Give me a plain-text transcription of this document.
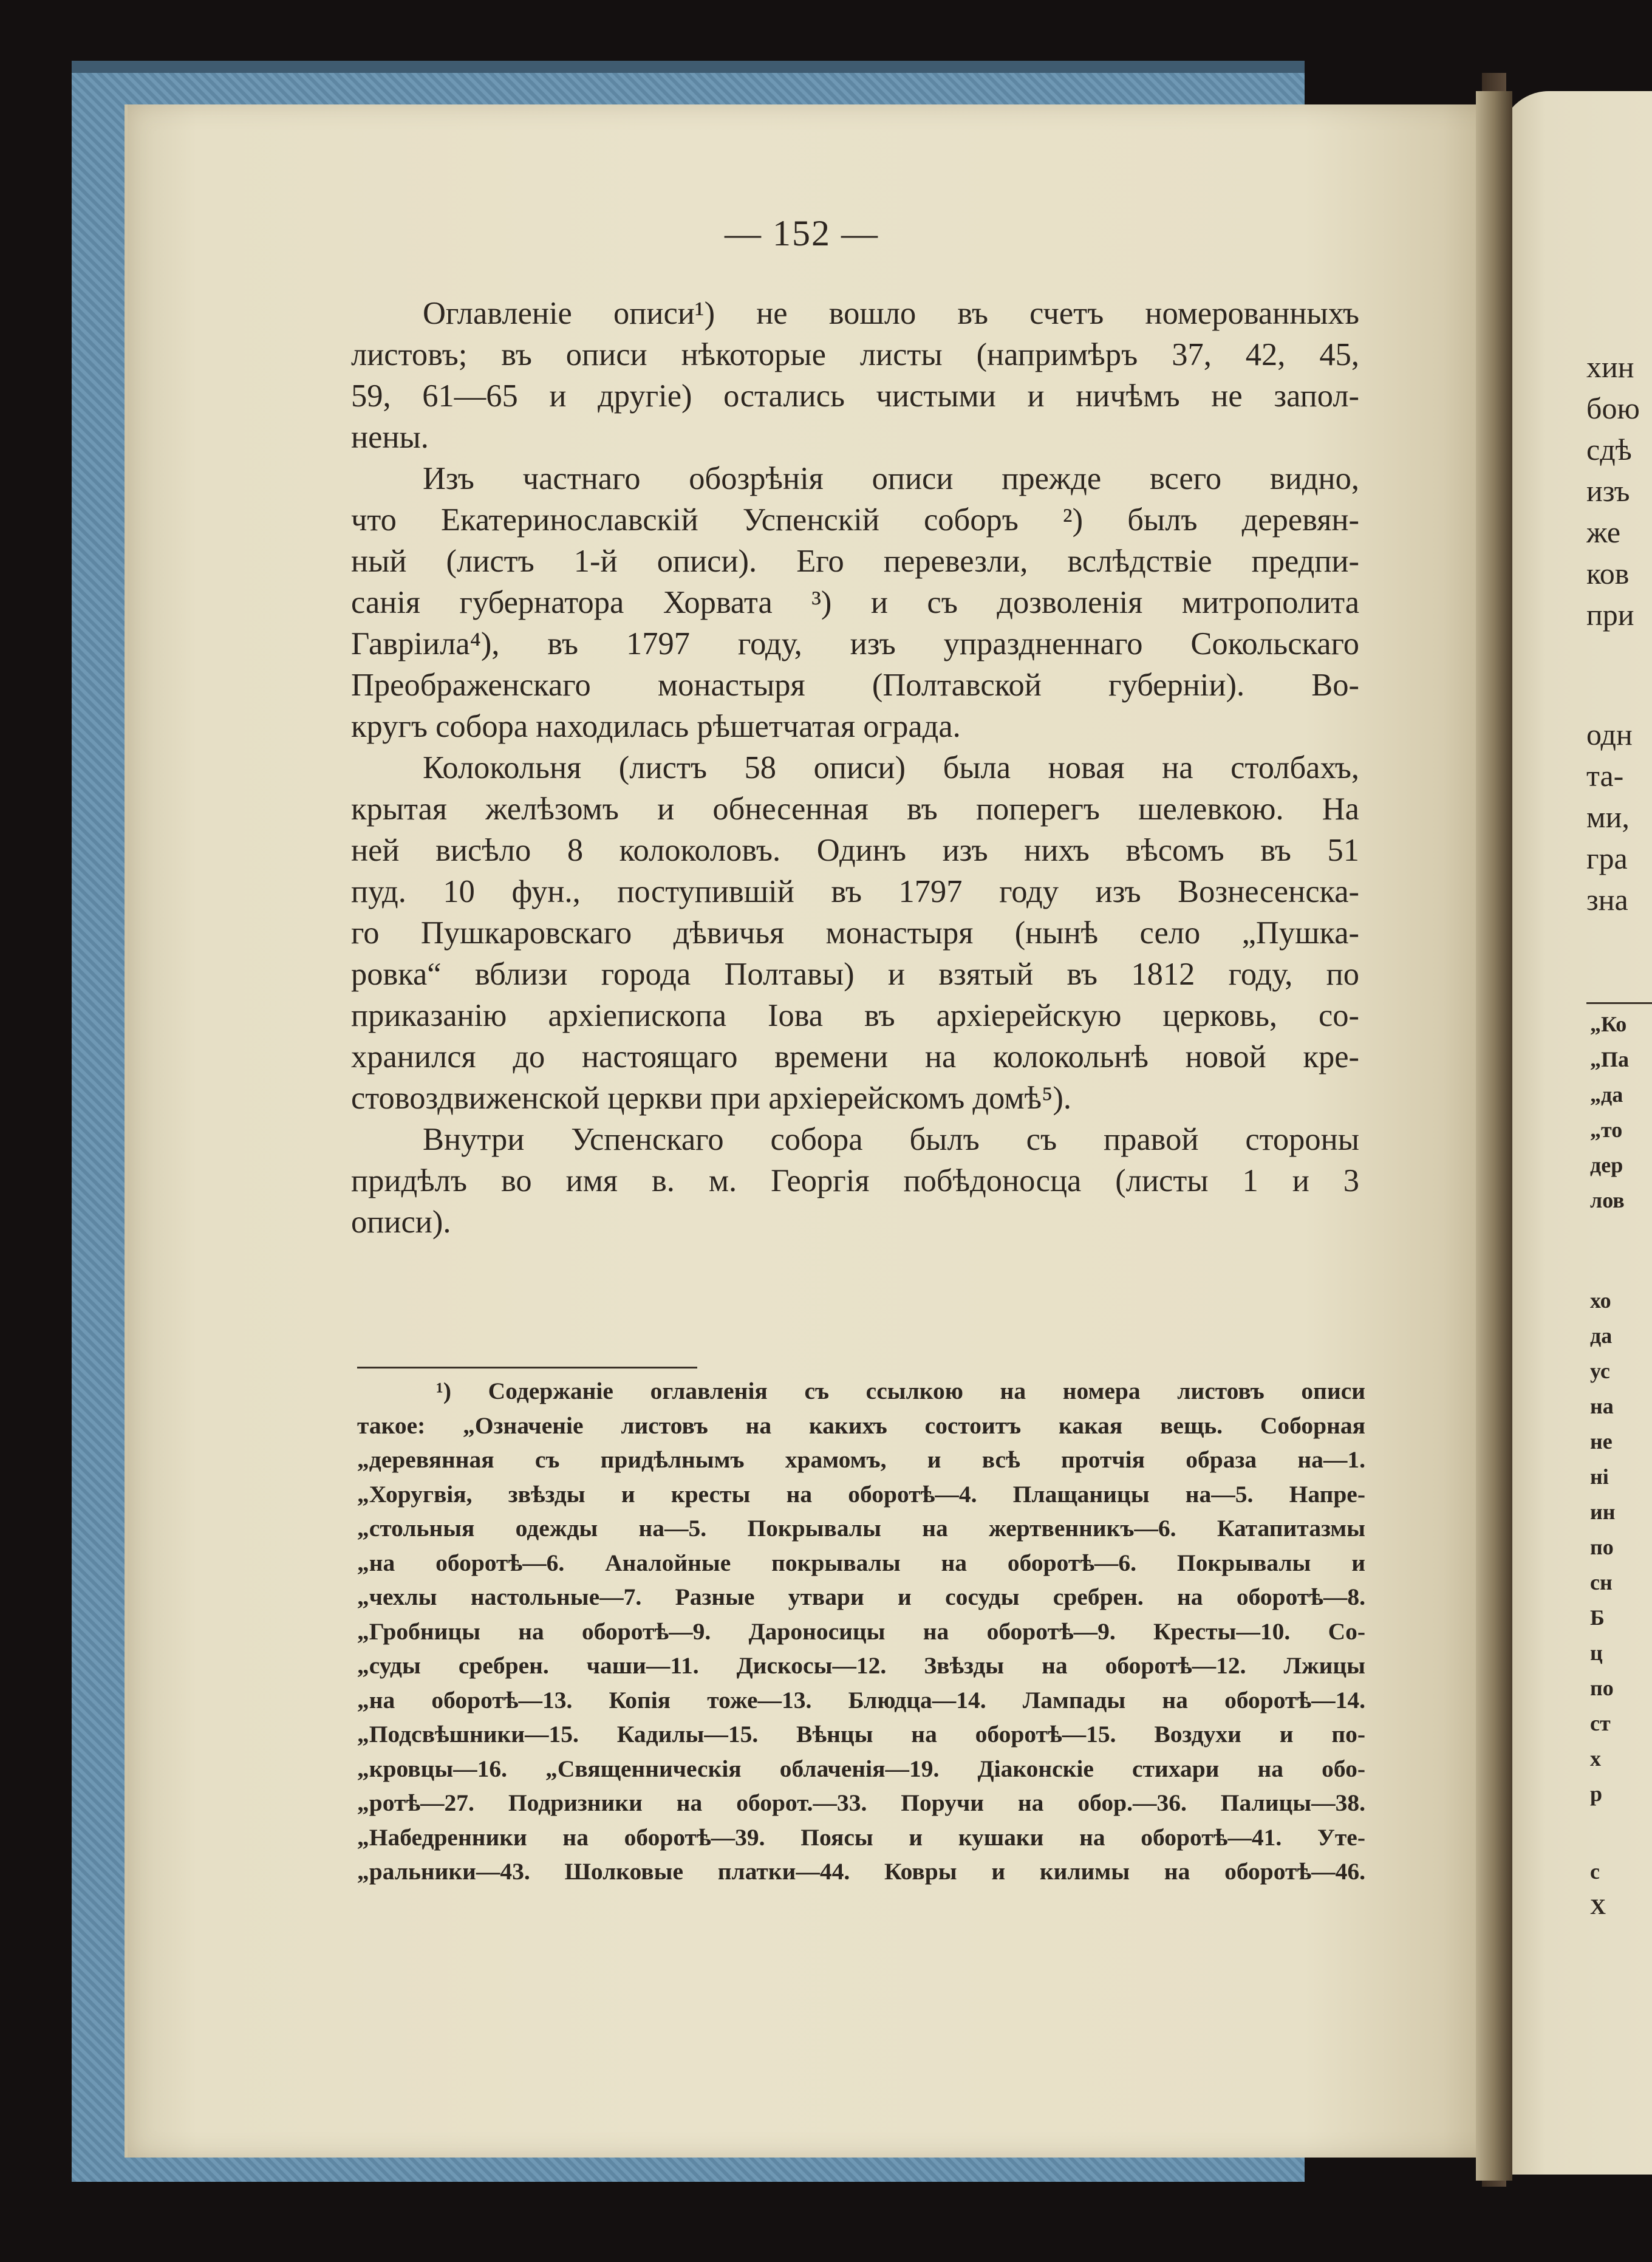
— 152 —
Оглавленіе описи¹) не вошло въ счетъ номерованныхъ
листовъ; въ описи нѣкоторые листы (напримѣръ 37, 42, 45,
59, 61—65 и другіе) остались чистыми и ничѣмъ не запол-
нены.
Изъ частнаго обозрѣнія описи прежде всего видно,
что Екатеринославскій Успенскій соборъ ²) былъ деревян-
ный (листъ 1-й описи). Его перевезли, вслѣдствіе предпи-
санія губернатора Хорвата ³) и съ дозволенія митрополита
Гавріила⁴), въ 1797 году, изъ упраздненнаго Сокольскаго
Преображенскаго монастыря (Полтавской губерніи). Во-
кругъ собора находилась рѣшетчатая ограда.
Колокольня (листъ 58 описи) была новая на столбахъ,
крытая желѣзомъ и обнесенная въ поперегъ шелевкою. На
ней висѣло 8 колоколовъ. Одинъ изъ нихъ вѣсомъ въ 51
пуд. 10 фун., поступившій въ 1797 году изъ Вознесенска-
го Пушкаровскаго дѣвичья монастыря (нынѣ село „Пушка-
ровка“ вблизи города Полтавы) и взятый въ 1812 году, по
приказанію архіепископа Іова въ архіерейскую церковь, со-
хранился до настоящаго времени на колокольнѣ новой кре-
стовоздвиженской церкви при архіерейскомъ домѣ⁵).
Внутри Успенскаго собора былъ съ правой стороны
придѣлъ во имя в. м. Георгія побѣдоносца (листы 1 и 3
описи).
¹) Содержаніе оглавленія съ ссылкою на номера листовъ описи
такое: „Означеніе листовъ на какихъ состоитъ какая вещь. Соборная
„деревянная съ придѣлнымъ храмомъ, и всѣ протчія образа на—1.
„Хоругвія, звѣзды и кресты на оборотѣ—4. Плащаницы на—5. Напре-
„стольныя одежды на—5. Покрывалы на жертвенникъ—6. Катапитазмы
„на оборотѣ—6. Аналойные покрывалы на оборотѣ—6. Покрывалы и
„чехлы настольные—7. Разные утвари и сосуды сребрен. на оборотѣ—8.
„Гробницы на оборотѣ—9. Дароносицы на оборотѣ—9. Кресты—10. Со-
„суды сребрен. чаши—11. Дискосы—12. Звѣзды на оборотѣ—12. Лжицы
„на оборотѣ—13. Копія тоже—13. Блюдца—14. Лампады на оборотѣ—14.
„Подсвѣшники—15. Кадилы—15. Вѣнцы на оборотѣ—15. Воздухи и по-
„кровцы—16. „Священническія облаченія—19. Діаконскіе стихари на обо-
„ротѣ—27. Подризники на оборот.—33. Поручи на обор.—36. Палицы—38.
„Набедренники на оборотѣ—39. Поясы и кушаки на оборотѣ—41. Уте-
„ральники—43. Шолковые платки—44. Ковры и килимы на оборотѣ—46.
хин
бою
сдѣ
изъ
же
ков
при
одн
та-
ми,
гра
зна
„Ко
„Па
„да
„то
дер
лов
хо
да
ус
на
не
ні
ин
по
сн
Б
ц
по
ст
х
р
с
Х
